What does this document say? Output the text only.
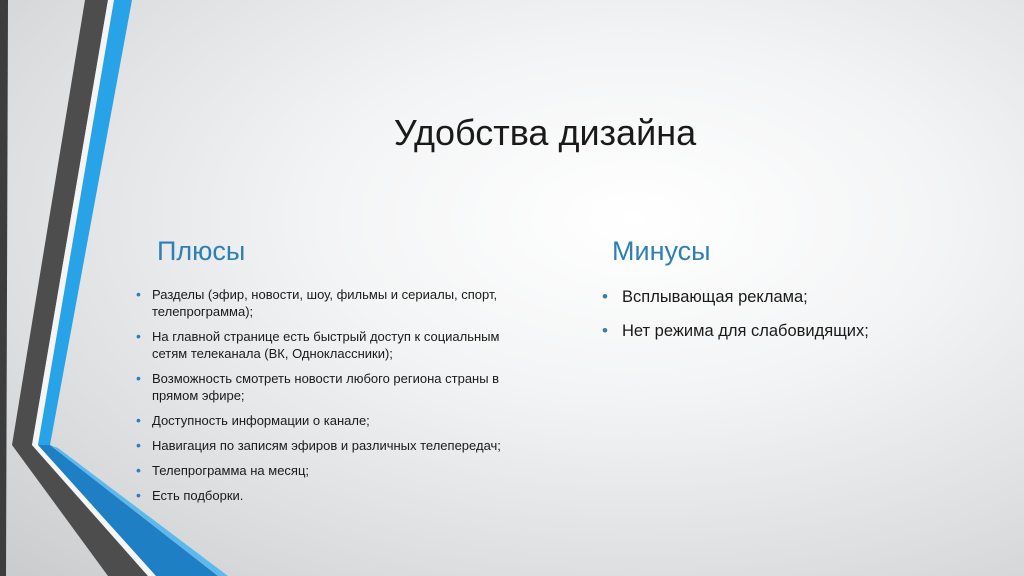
Удобства дизайна
Плюсы	Минусы
• Разделы (эфир, новости, шоу, фильмы и сериалы, спорт, телепрограмма);
• На главной странице есть быстрый доступ к социальным сетям телеканала (ВК, Одноклассники);
• Возможность смотреть новости любого региона страны в прямом эфире;
• Доступность информации о канале;
• Навигация по записям эфиров и различных телепередач;
• Телепрограмма на месяц;
• Есть подборки.
• Всплывающая реклама;
• Нет режима для слабовидящих;
